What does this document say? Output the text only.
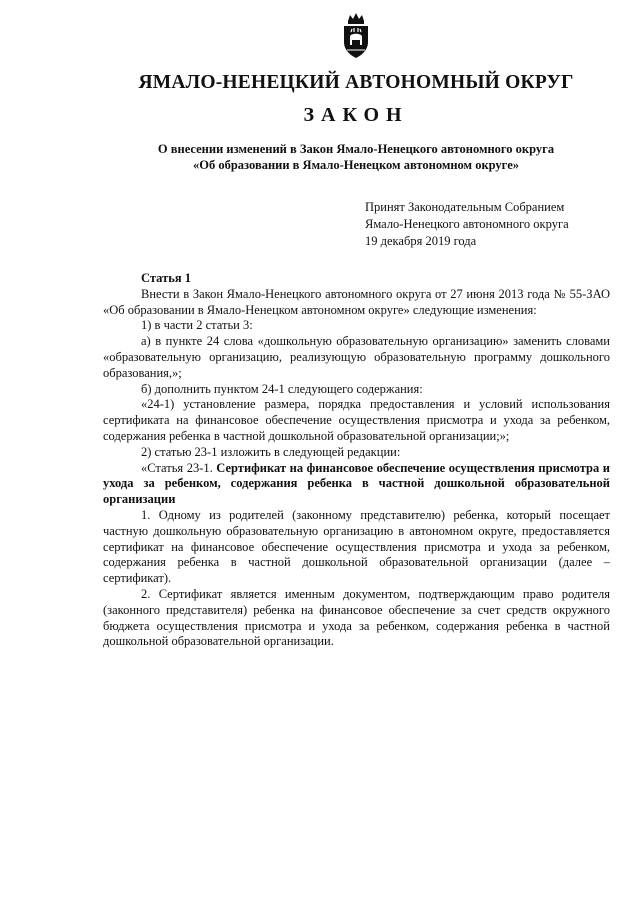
ЯМАЛО-НЕНЕЦКИЙ АВТОНОМНЫЙ ОКРУГ
ЗАКОН
О внесении изменений в Закон Ямало-Ненецкого автономного округа
«Об образовании в Ямало-Ненецком автономном округе»
Принят Законодательным Собранием
Ямало-Ненецкого автономного округа
19 декабря 2019 года

Статья 1

Внести в Закон Ямало-Ненецкого автономного округа от 27 июня 2013 года № 55-ЗАО «Об образовании в Ямало-Ненецком автономном округе» следующие изменения:

1) в части 2 статьи 3:

а) в пункте 24 слова «дошкольную образовательную организацию» заменить словами «образовательную организацию, реализующую образовательную программу дошкольного образования,»;

б) дополнить пунктом 24-1 следующего содержания:

«24-1) установление размера, порядка предоставления и условий использования сертификата на финансовое обеспечение осуществления присмотра и ухода за ребенком, содержания ребенка в частной дошкольной образовательной организации;»;

2) статью 23-1 изложить в следующей редакции:

«Статья 23-1. Сертификат на финансовое обеспечение осуществления присмотра и ухода за ребенком, содержания ребенка в частной дошкольной образовательной организации

1. Одному из родителей (законному представителю) ребенка, который посещает частную дошкольную образовательную организацию в автономном округе, предоставляется сертификат на финансовое обеспечение осуществления присмотра и ухода за ребенком, содержания ребенка в частной дошкольной образовательной организации (далее – сертификат).

2. Сертификат является именным документом, подтверждающим право родителя (законного представителя) ребенка на финансовое обеспечение за счет средств окружного бюджета осуществления присмотра и ухода за ребенком, содержания ребенка в частной дошкольной образовательной организации.
